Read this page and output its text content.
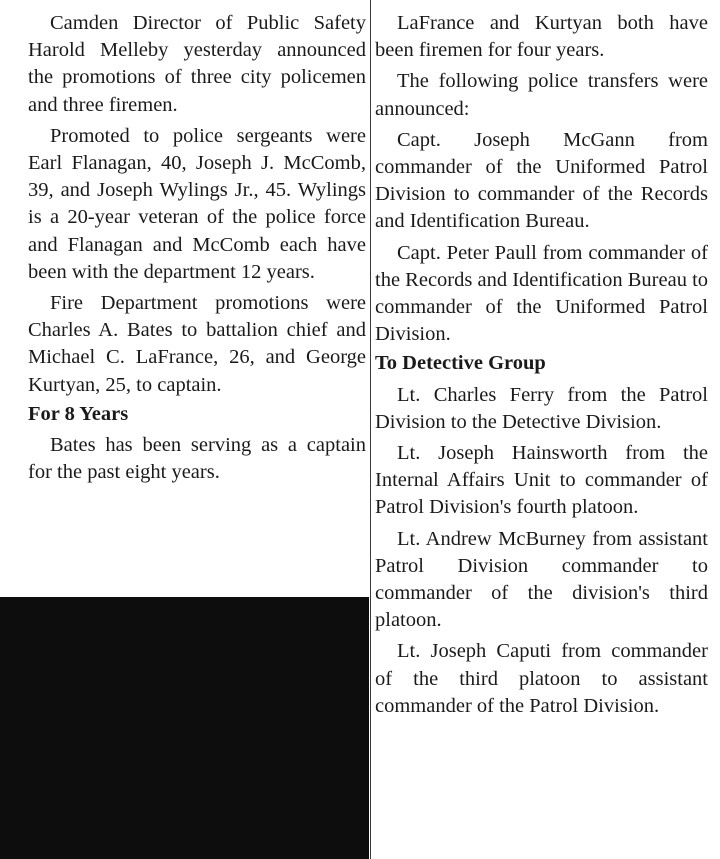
Camden Director of Public Safety Harold Melleby yesterday announced the promotions of three city policemen and three firemen.

Promoted to police sergeants were Earl Flanagan, 40, Joseph J. McComb, 39, and Joseph Wylings Jr., 45. Wylings is a 20-year veteran of the police force and Flanagan and McComb each have been with the department 12 years.

Fire Department promotions were Charles A. Bates to battalion chief and Michael C. LaFrance, 26, and George Kurtyan, 25, to captain.

For 8 Years

Bates has been serving as a captain for the past eight years.

LaFrance and Kurtyan both have been firemen for four years.

The following police transfers were announced:

Capt. Joseph McGann from commander of the Uniformed Patrol Division to commander of the Records and Identification Bureau.

Capt. Peter Paull from commander of the Records and Identification Bureau to commander of the Uniformed Patrol Division.

To Detective Group

Lt. Charles Ferry from the Patrol Division to the Detective Division.

Lt. Joseph Hainsworth from the Internal Affairs Unit to commander of Patrol Division's fourth platoon.

Lt. Andrew McBurney from assistant Patrol Division commander to commander of the division's third platoon.

Lt. Joseph Caputi from commander of the third platoon to assistant commander of the Patrol Division.
